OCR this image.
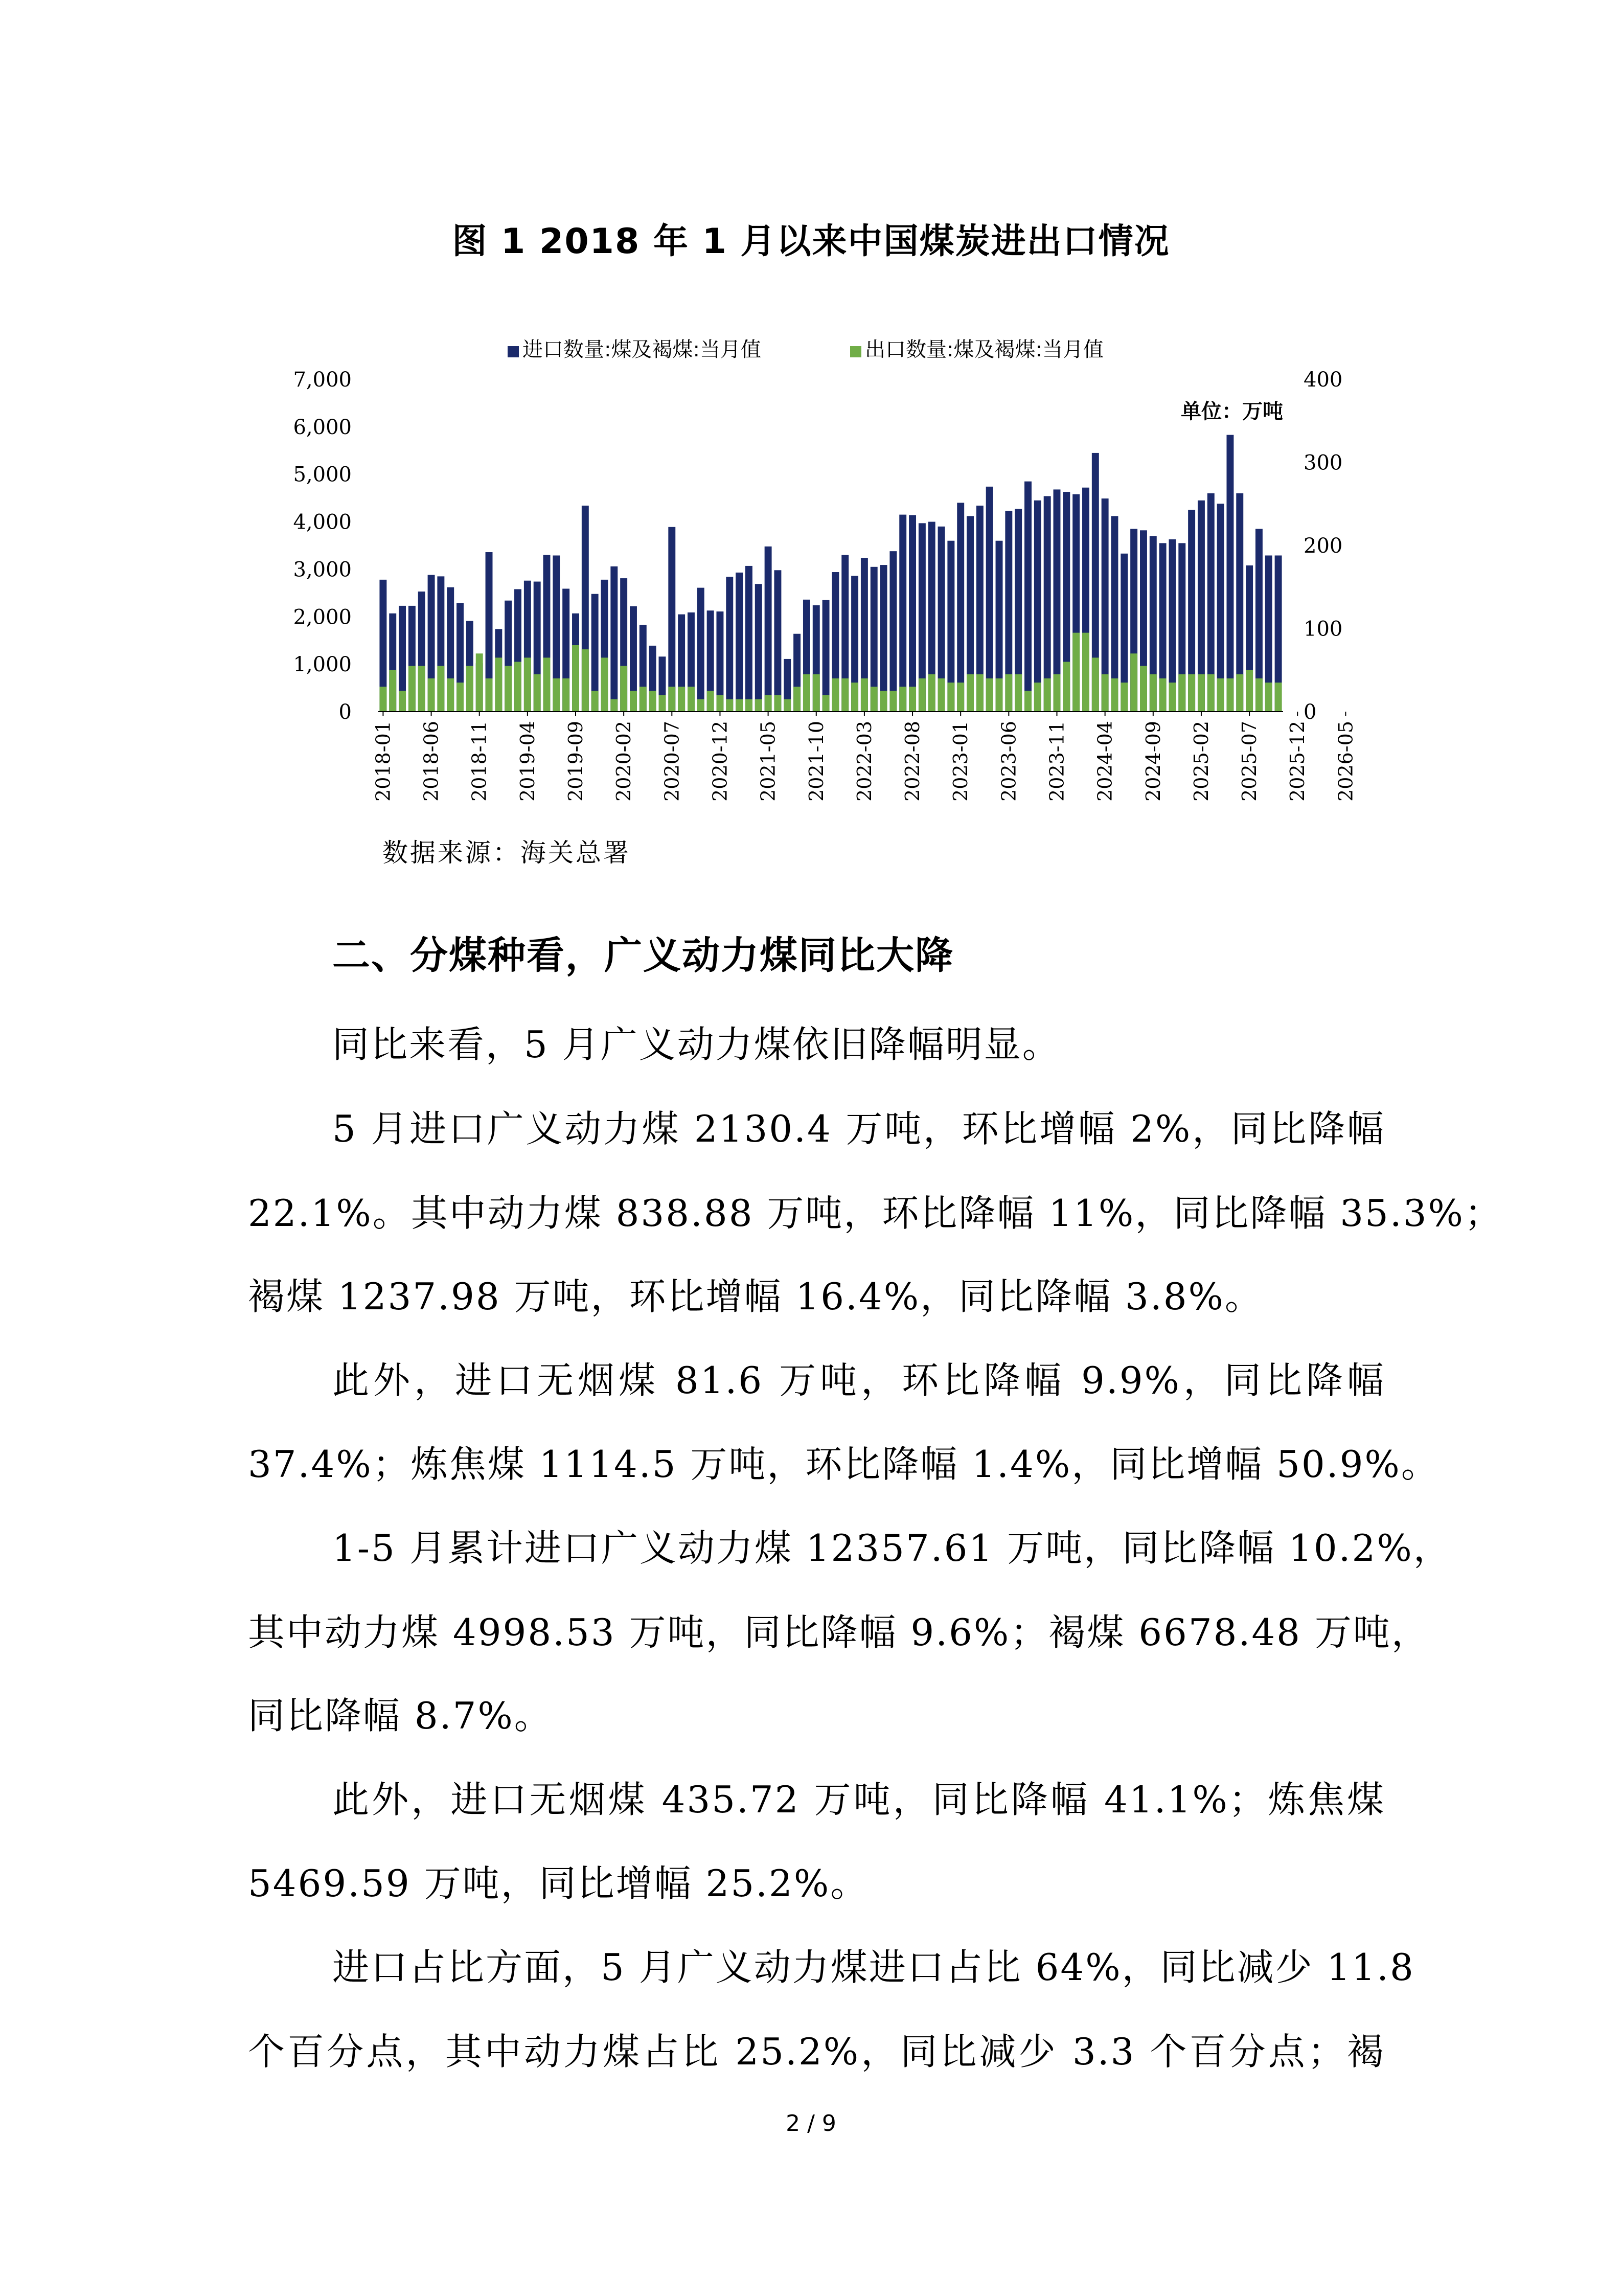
图 1 2018 年 1 月以来中国煤炭进出口情况
进口数量:煤及褐煤:当月值	出口数量:煤及褐煤:当月值
单位：万吨
0
1,000
2,000
3,000
4,000
5,000
6,000
7,000
0
100
200
300
400
2018-01 2018-06 2018-11 2019-04 2019-09 2020-02 2020-07 2020-12 2021-05 2021-10 2022-03 2022-08 2023-01 2023-06 2023-11 2024-04 2024-09 2025-02 2025-07 2025-12 2026-05
数据来源：海关总署
二、分煤种看，广义动力煤同比大降
同比来看，5 月广义动力煤依旧降幅明显。
5 月进口广义动力煤 2130.4 万吨，环比增幅 2%，同比降幅
22.1%。其中动力煤 838.88 万吨，环比降幅 11%，同比降幅 35.3%；
褐煤 1237.98 万吨，环比增幅 16.4%，同比降幅 3.8%。
此外，进口无烟煤 81.6 万吨，环比降幅 9.9%，同比降幅
37.4%；炼焦煤 1114.5 万吨，环比降幅 1.4%，同比增幅 50.9%。
1-5 月累计进口广义动力煤 12357.61 万吨，同比降幅 10.2%，
其中动力煤 4998.53 万吨，同比降幅 9.6%；褐煤 6678.48 万吨，
同比降幅 8.7%。
此外，进口无烟煤 435.72 万吨，同比降幅 41.1%；炼焦煤
5469.59 万吨，同比增幅 25.2%。
进口占比方面，5 月广义动力煤进口占比 64%，同比减少 11.8
个百分点，其中动力煤占比 25.2%，同比减少 3.3 个百分点；褐
2 / 9
